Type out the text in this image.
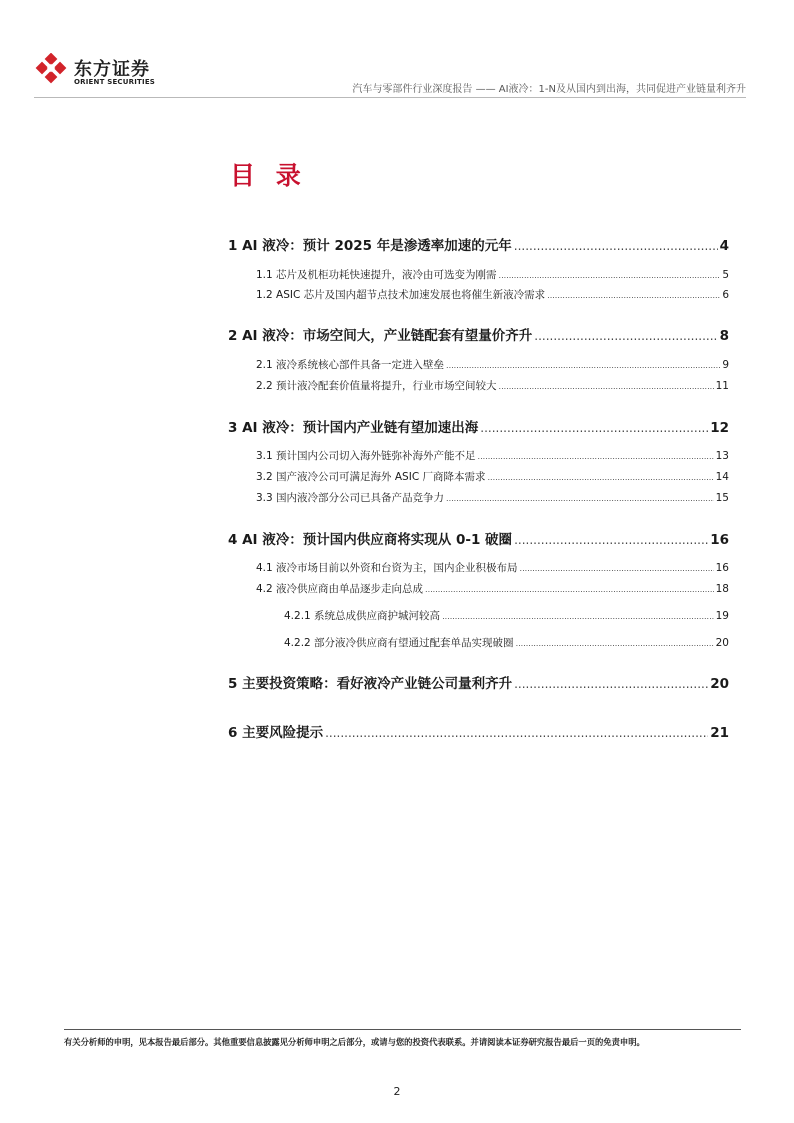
东方证券
ORIENT SECURITIES
汽车与零部件行业深度报告 —— AI液冷：1-N及从国内到出海，共同促进产业链量利齐升
目 录
1 AI 液冷：预计 2025 年是渗透率加速的元年 .....	4
1.1 芯片及机柜功耗快速提升，液冷由可选变为刚需 .....	5
1.2 ASIC 芯片及国内超节点技术加速发展也将催生新液冷需求 .....	6
2 AI 液冷：市场空间大，产业链配套有望量价齐升 .....	8
2.1 液冷系统核心部件具备一定进入壁垒 .....	9
2.2 预计液冷配套价值量将提升，行业市场空间较大 .....	11
3 AI 液冷：预计国内产业链有望加速出海 .....	12
3.1 预计国内公司切入海外链弥补海外产能不足 .....	13
3.2 国产液冷公司可满足海外 ASIC 厂商降本需求 .....	14
3.3 国内液冷部分公司已具备产品竞争力 .....	15
4 AI 液冷：预计国内供应商将实现从 0-1 破圈 .....	16
4.1 液冷市场目前以外资和台资为主，国内企业积极布局 .....	16
4.2 液冷供应商由单品逐步走向总成 .....	18
4.2.1 系统总成供应商护城河较高 .....	19
4.2.2 部分液冷供应商有望通过配套单品实现破圈 .....	20
5 主要投资策略：看好液冷产业链公司量利齐升 .....	20
6 主要风险提示 .....	21
有关分析师的申明，见本报告最后部分。其他重要信息披露见分析师申明之后部分，或请与您的投资代表联系。并请阅读本证券研究报告最后一页的免责申明。
2
